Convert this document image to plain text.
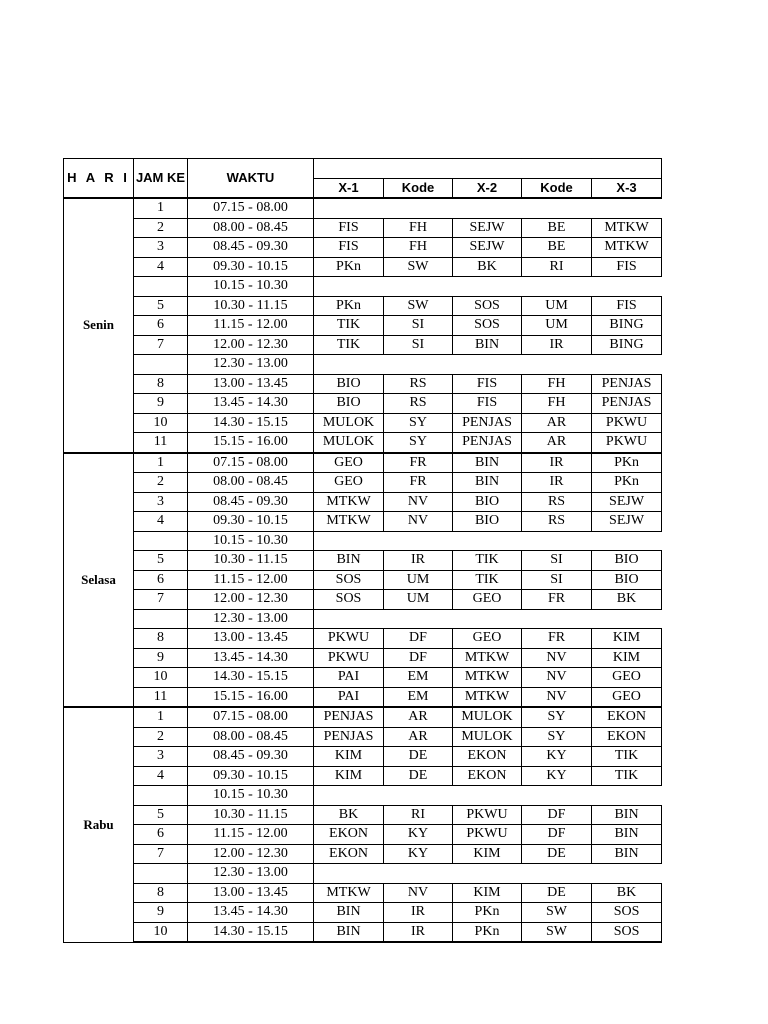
H A R I	JAM KE	WAKTU					
			X-1	Kode	X-2	Kode	X-3
Senin	1	07.15 - 08.00					
	2	08.00 - 08.45	FIS	FH	SEJW	BE	MTKW
	3	08.45 - 09.30	FIS	FH	SEJW	BE	MTKW
	4	09.30 - 10.15	PKn	SW	BK	RI	FIS
		10.15 - 10.30					
	5	10.30 - 11.15	PKn	SW	SOS	UM	FIS
	6	11.15 - 12.00	TIK	SI	SOS	UM	BING
	7	12.00 - 12.30	TIK	SI	BIN	IR	BING
		12.30 - 13.00					
	8	13.00 - 13.45	BIO	RS	FIS	FH	PENJAS
	9	13.45 - 14.30	BIO	RS	FIS	FH	PENJAS
	10	14.30 - 15.15	MULOK	SY	PENJAS	AR	PKWU
	11	15.15 - 16.00	MULOK	SY	PENJAS	AR	PKWU
Selasa	1	07.15 - 08.00	GEO	FR	BIN	IR	PKn
	2	08.00 - 08.45	GEO	FR	BIN	IR	PKn
	3	08.45 - 09.30	MTKW	NV	BIO	RS	SEJW
	4	09.30 - 10.15	MTKW	NV	BIO	RS	SEJW
		10.15 - 10.30					
	5	10.30 - 11.15	BIN	IR	TIK	SI	BIO
	6	11.15 - 12.00	SOS	UM	TIK	SI	BIO
	7	12.00 - 12.30	SOS	UM	GEO	FR	BK
		12.30 - 13.00					
	8	13.00 - 13.45	PKWU	DF	GEO	FR	KIM
	9	13.45 - 14.30	PKWU	DF	MTKW	NV	KIM
	10	14.30 - 15.15	PAI	EM	MTKW	NV	GEO
	11	15.15 - 16.00	PAI	EM	MTKW	NV	GEO
Rabu	1	07.15 - 08.00	PENJAS	AR	MULOK	SY	EKON
	2	08.00 - 08.45	PENJAS	AR	MULOK	SY	EKON
	3	08.45 - 09.30	KIM	DE	EKON	KY	TIK
	4	09.30 - 10.15	KIM	DE	EKON	KY	TIK
		10.15 - 10.30					
	5	10.30 - 11.15	BK	RI	PKWU	DF	BIN
	6	11.15 - 12.00	EKON	KY	PKWU	DF	BIN
	7	12.00 - 12.30	EKON	KY	KIM	DE	BIN
		12.30 - 13.00					
	8	13.00 - 13.45	MTKW	NV	KIM	DE	BK
	9	13.45 - 14.30	BIN	IR	PKn	SW	SOS
	10	14.30 - 15.15	BIN	IR	PKn	SW	SOS
